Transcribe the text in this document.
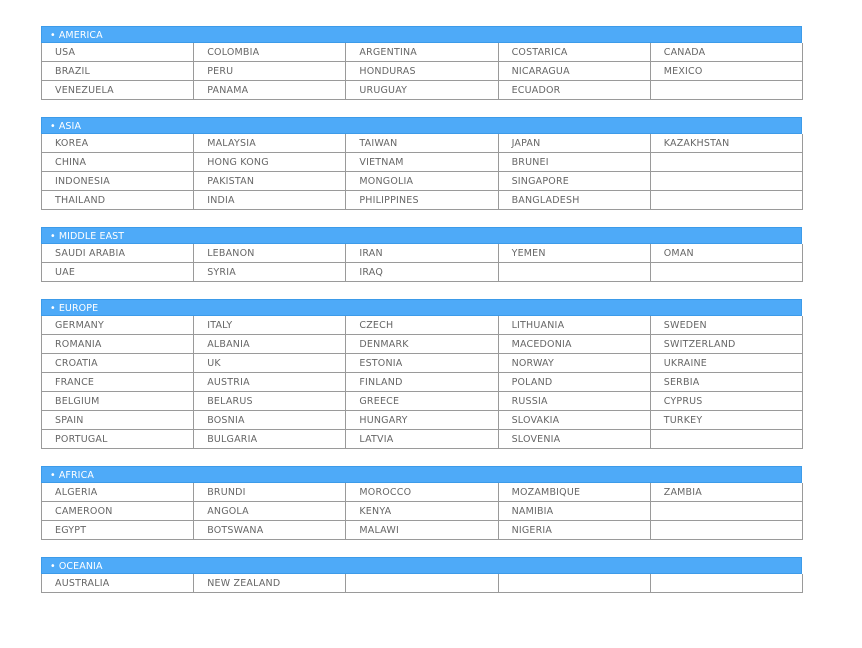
• AMERICA
USA	COLOMBIA	ARGENTINA	COSTARICA	CANADA
BRAZIL	PERU	HONDURAS	NICARAGUA	MEXICO
VENEZUELA	PANAMA	URUGUAY	ECUADOR	
• ASIA
KOREA	MALAYSIA	TAIWAN	JAPAN	KAZAKHSTAN
CHINA	HONG KONG	VIETNAM	BRUNEI	
INDONESIA	PAKISTAN	MONGOLIA	SINGAPORE	
THAILAND	INDIA	PHILIPPINES	BANGLADESH	
• MIDDLE EAST
SAUDI ARABIA	LEBANON	IRAN	YEMEN	OMAN
UAE	SYRIA	IRAQ		
• EUROPE
GERMANY	ITALY	CZECH	LITHUANIA	SWEDEN
ROMANIA	ALBANIA	DENMARK	MACEDONIA	SWITZERLAND
CROATIA	UK	ESTONIA	NORWAY	UKRAINE
FRANCE	AUSTRIA	FINLAND	POLAND	SERBIA
BELGIUM	BELARUS	GREECE	RUSSIA	CYPRUS
SPAIN	BOSNIA	HUNGARY	SLOVAKIA	TURKEY
PORTUGAL	BULGARIA	LATVIA	SLOVENIA	
• AFRICA
ALGERIA	BRUNDI	MOROCCO	MOZAMBIQUE	ZAMBIA
CAMEROON	ANGOLA	KENYA	NAMIBIA	
EGYPT	BOTSWANA	MALAWI	NIGERIA	
• OCEANIA
AUSTRALIA	NEW ZEALAND			
